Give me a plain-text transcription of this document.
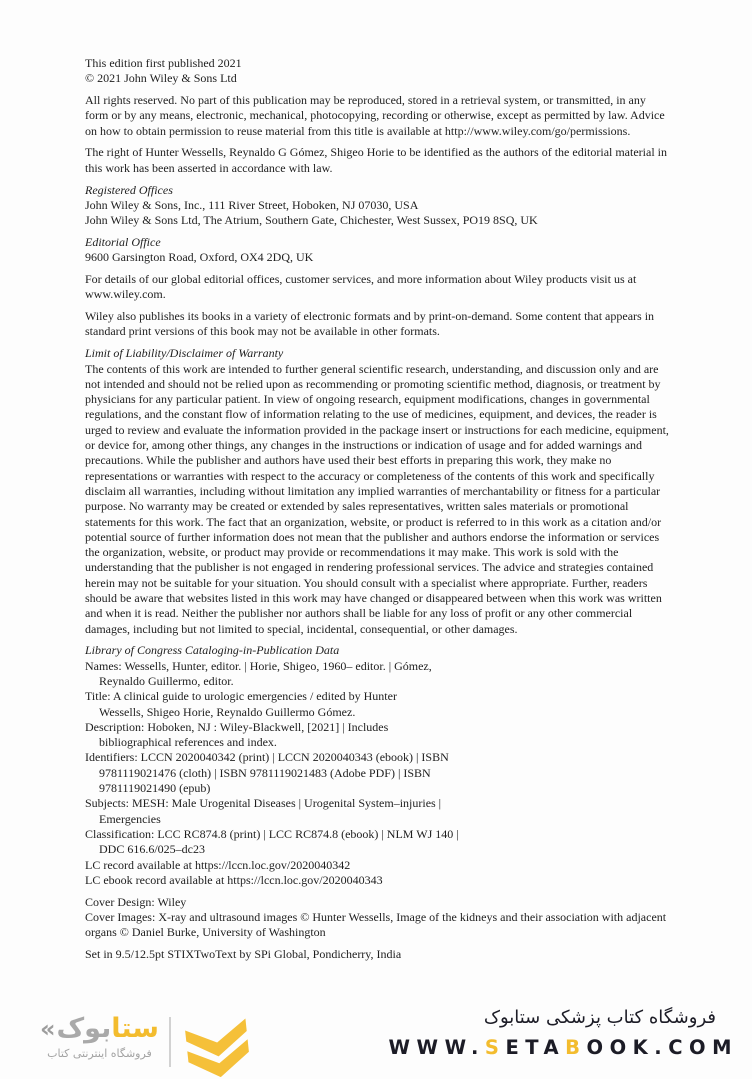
This edition first published 2021
© 2021 John Wiley & Sons Ltd

All rights reserved. No part of this publication may be reproduced, stored in a retrieval system, or transmitted, in any form or by any means, electronic, mechanical, photocopying, recording or otherwise, except as permitted by law. Advice on how to obtain permission to reuse material from this title is available at http://www.wiley.com/go/permissions.

The right of Hunter Wessells, Reynaldo G Gómez, Shigeo Horie to be identified as the authors of the editorial material in this work has been asserted in accordance with law.

Registered Offices
John Wiley & Sons, Inc., 111 River Street, Hoboken, NJ 07030, USA
John Wiley & Sons Ltd, The Atrium, Southern Gate, Chichester, West Sussex, PO19 8SQ, UK
Editorial Office
9600 Garsington Road, Oxford, OX4 2DQ, UK

For details of our global editorial offices, customer services, and more information about Wiley products visit us at www.wiley.com.

Wiley also publishes its books in a variety of electronic formats and by print-on-demand. Some content that appears in standard print versions of this book may not be available in other formats.

Limit of Liability/Disclaimer of Warranty
The contents of this work are intended to further general scientific research, understanding, and discussion only and are not intended and should not be relied upon as recommending or promoting scientific method, diagnosis, or treatment by physicians for any particular patient. In view of ongoing research, equipment modifications, changes in governmental regulations, and the constant flow of information relating to the use of medicines, equipment, and devices, the reader is urged to review and evaluate the information provided in the package insert or instructions for each medicine, equipment, or device for, among other things, any changes in the instructions or indication of usage and for added warnings and precautions. While the publisher and authors have used their best efforts in preparing this work, they make no representations or warranties with respect to the accuracy or completeness of the contents of this work and specifically disclaim all warranties, including without limitation any implied warranties of merchantability or fitness for a particular purpose. No warranty may be created or extended by sales representatives, written sales materials or promotional statements for this work. The fact that an organization, website, or product is referred to in this work as a citation and/or potential source of further information does not mean that the publisher and authors endorse the information or services the organization, website, or product may provide or recommendations it may make. This work is sold with the understanding that the publisher is not engaged in rendering professional services. The advice and strategies contained herein may not be suitable for your situation. You should consult with a specialist where appropriate. Further, readers should be aware that websites listed in this work may have changed or disappeared between when this work was written and when it is read. Neither the publisher nor authors shall be liable for any loss of profit or any other commercial damages, including but not limited to special, incidental, consequential, or other damages.
Library of Congress Cataloging-in-Publication Data
Names: Wessells, Hunter, editor. | Horie, Shigeo, 1960– editor. | Gómez,
Reynaldo Guillermo, editor.
Title: A clinical guide to urologic emergencies / edited by Hunter
Wessells, Shigeo Horie, Reynaldo Guillermo Gómez.
Description: Hoboken, NJ : Wiley-Blackwell, [2021] | Includes
bibliographical references and index.
Identifiers: LCCN 2020040342 (print) | LCCN 2020040343 (ebook) | ISBN
9781119021476 (cloth) | ISBN 9781119021483 (Adobe PDF) | ISBN
9781119021490 (epub)
Subjects: MESH: Male Urogenital Diseases | Urogenital System–injuries |
Emergencies
Classification: LCC RC874.8 (print) | LCC RC874.8 (ebook) | NLM WJ 140 |
DDC 616.6/025–dc23
LC record available at https://lccn.loc.gov/2020040342
LC ebook record available at https://lccn.loc.gov/2020040343
Cover Design: Wiley
Cover Images: X-ray and ultrasound images © Hunter Wessells, Image of the kidneys and their association with adjacent organs © Daniel Burke, University of Washington

Set in 9.5/12.5pt STIXTwoText by SPi Global, Pondicherry, India

«	ستابوک
فروشگاه اینترنتی کتاب
فروشگاه کتاب پزشکی ستابوک
WWW.SETABOOK.COM
